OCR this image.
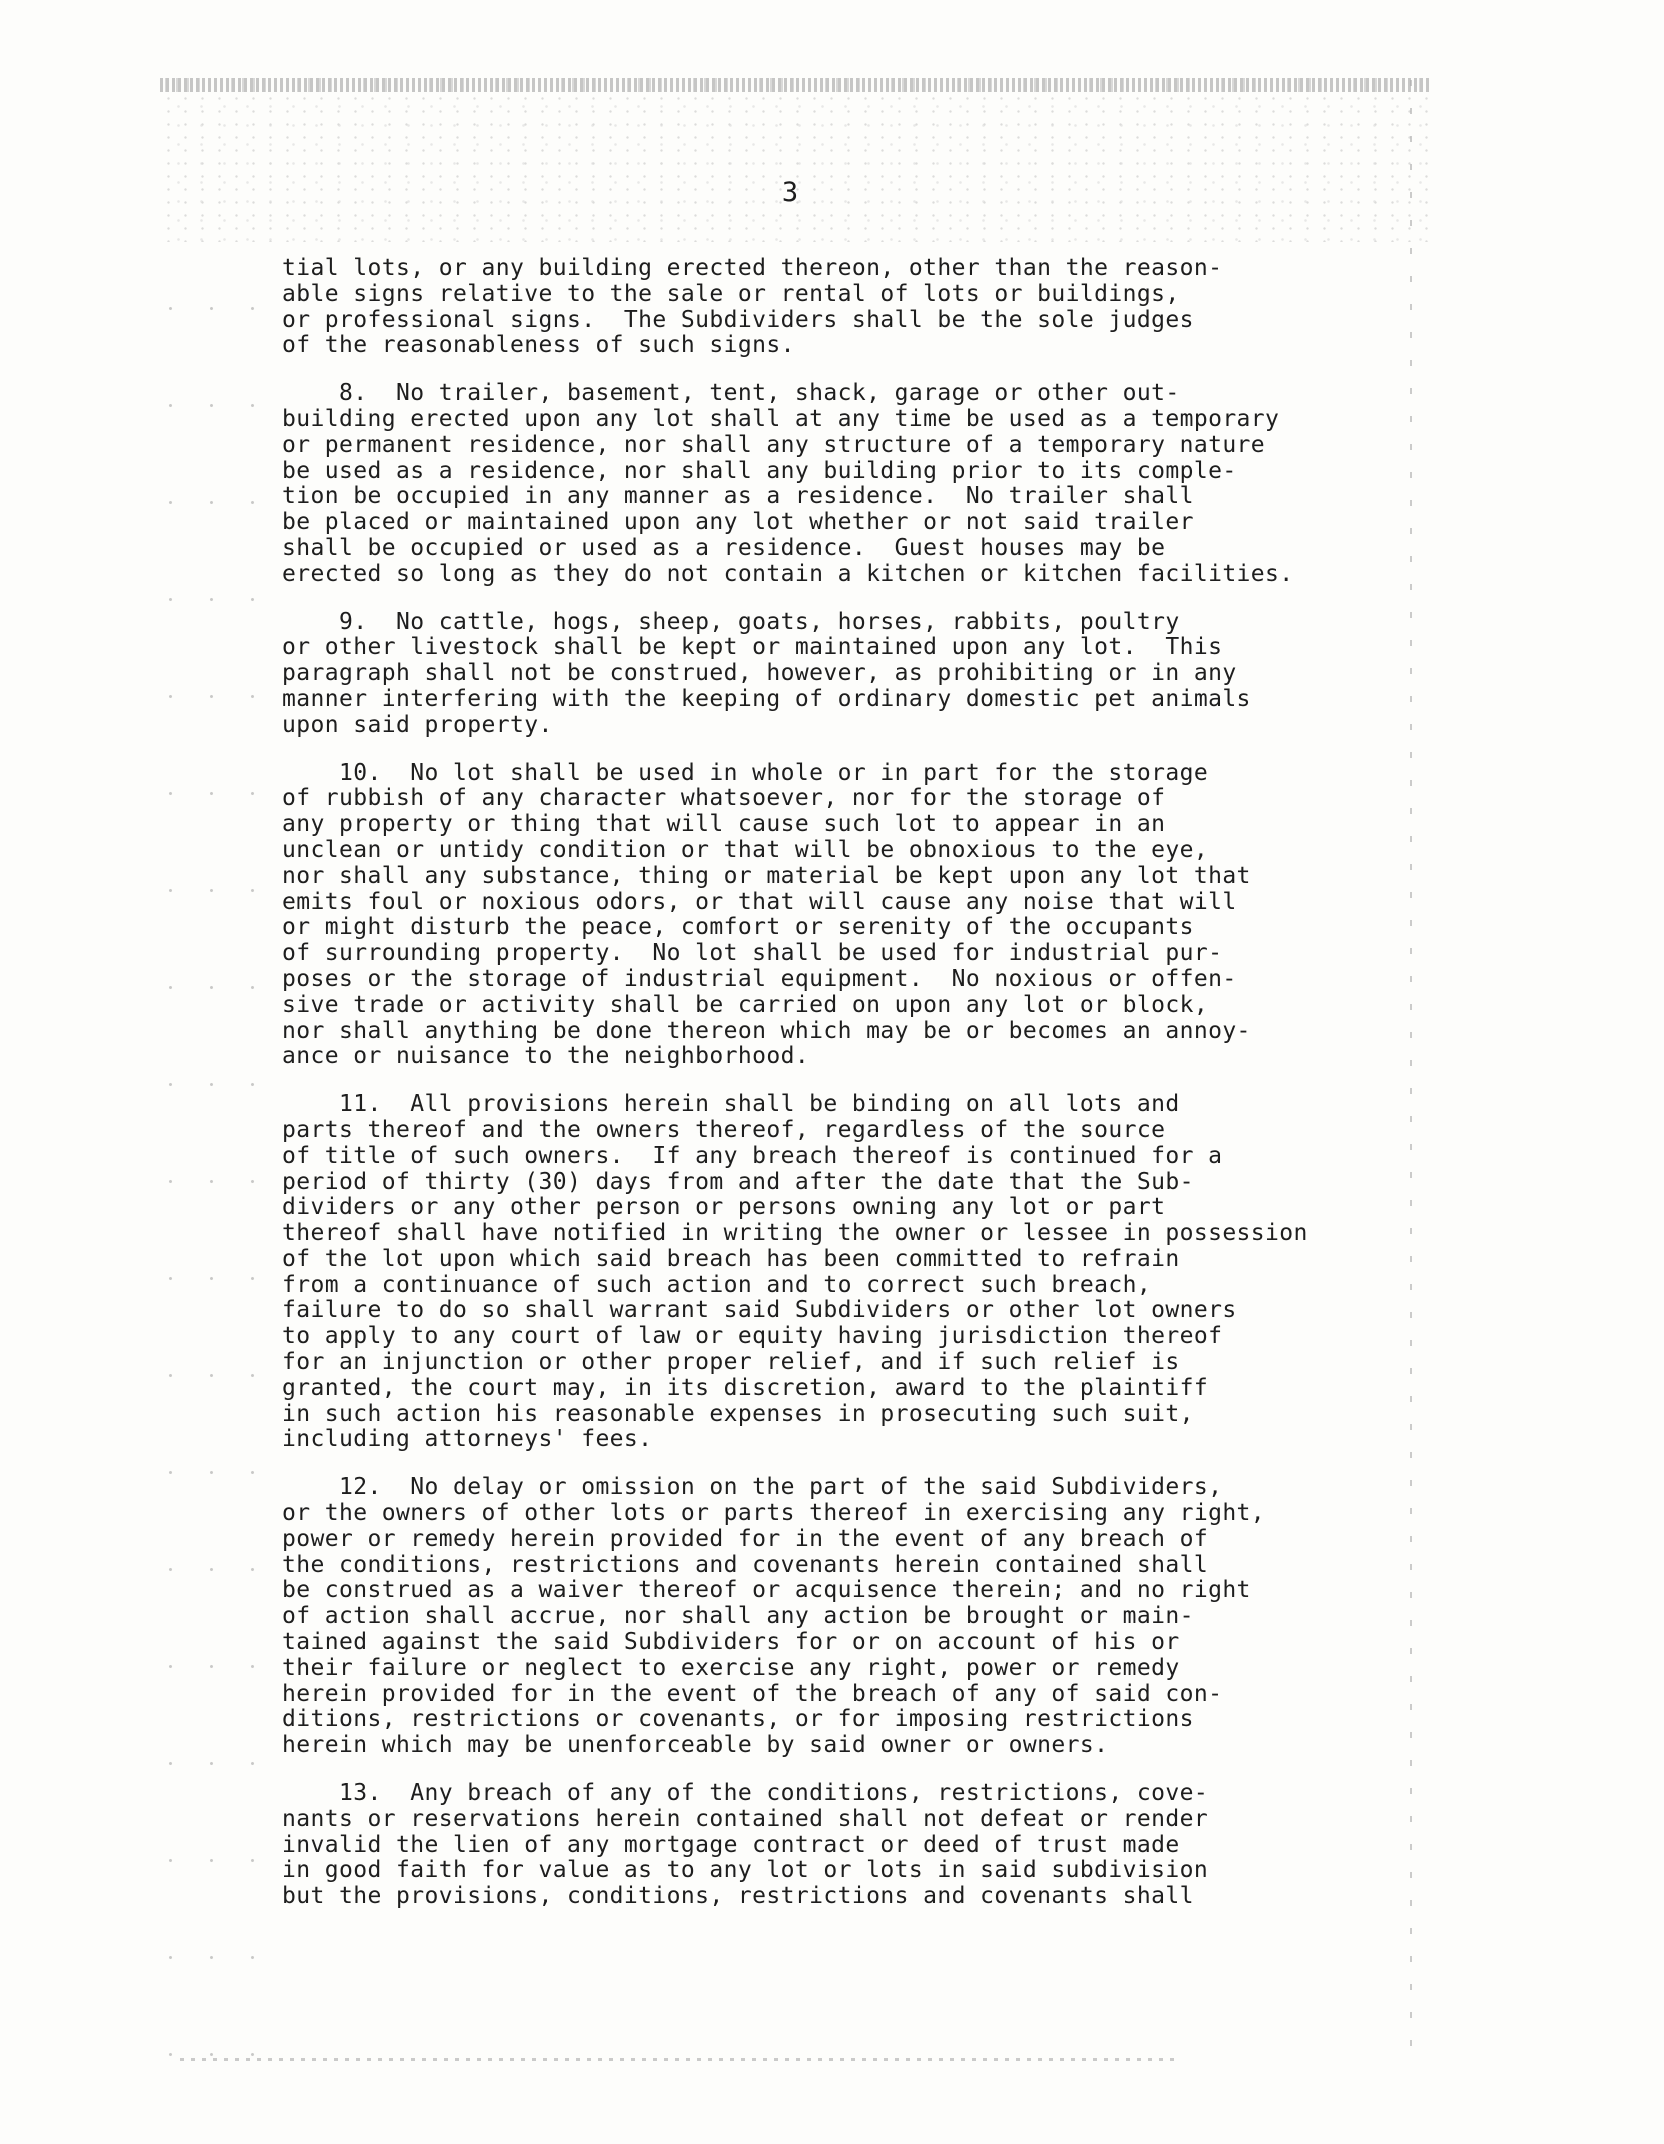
3
tial lots, or any building erected thereon, other than the reason-
able signs relative to the sale or rental of lots or buildings,
or professional signs.  The Subdividers shall be the sole judges
of the reasonableness of such signs.
8.  No trailer, basement, tent, shack, garage or other out-
building erected upon any lot shall at any time be used as a temporary
or permanent residence, nor shall any structure of a temporary nature
be used as a residence, nor shall any building prior to its comple-
tion be occupied in any manner as a residence.  No trailer shall
be placed or maintained upon any lot whether or not said trailer
shall be occupied or used as a residence.  Guest houses may be
erected so long as they do not contain a kitchen or kitchen facilities.
9.  No cattle, hogs, sheep, goats, horses, rabbits, poultry
or other livestock shall be kept or maintained upon any lot.  This
paragraph shall not be construed, however, as prohibiting or in any
manner interfering with the keeping of ordinary domestic pet animals
upon said property.
10.  No lot shall be used in whole or in part for the storage
of rubbish of any character whatsoever, nor for the storage of
any property or thing that will cause such lot to appear in an
unclean or untidy condition or that will be obnoxious to the eye,
nor shall any substance, thing or material be kept upon any lot that
emits foul or noxious odors, or that will cause any noise that will
or might disturb the peace, comfort or serenity of the occupants
of surrounding property.  No lot shall be used for industrial pur-
poses or the storage of industrial equipment.  No noxious or offen-
sive trade or activity shall be carried on upon any lot or block,
nor shall anything be done thereon which may be or becomes an annoy-
ance or nuisance to the neighborhood.
11.  All provisions herein shall be binding on all lots and
parts thereof and the owners thereof, regardless of the source
of title of such owners.  If any breach thereof is continued for a
period of thirty (30) days from and after the date that the Sub-
dividers or any other person or persons owning any lot or part
thereof shall have notified in writing the owner or lessee in possession
of the lot upon which said breach has been committed to refrain
from a continuance of such action and to correct such breach,
failure to do so shall warrant said Subdividers or other lot owners
to apply to any court of law or equity having jurisdiction thereof
for an injunction or other proper relief, and if such relief is
granted, the court may, in its discretion, award to the plaintiff
in such action his reasonable expenses in prosecuting such suit,
including attorneys' fees.
12.  No delay or omission on the part of the said Subdividers,
or the owners of other lots or parts thereof in exercising any right,
power or remedy herein provided for in the event of any breach of
the conditions, restrictions and covenants herein contained shall
be construed as a waiver thereof or acquisence therein; and no right
of action shall accrue, nor shall any action be brought or main-
tained against the said Subdividers for or on account of his or
their failure or neglect to exercise any right, power or remedy
herein provided for in the event of the breach of any of said con-
ditions, restrictions or covenants, or for imposing restrictions
herein which may be unenforceable by said owner or owners.
13.  Any breach of any of the conditions, restrictions, cove-
nants or reservations herein contained shall not defeat or render
invalid the lien of any mortgage contract or deed of trust made
in good faith for value as to any lot or lots in said subdivision
but the provisions, conditions, restrictions and covenants shall
